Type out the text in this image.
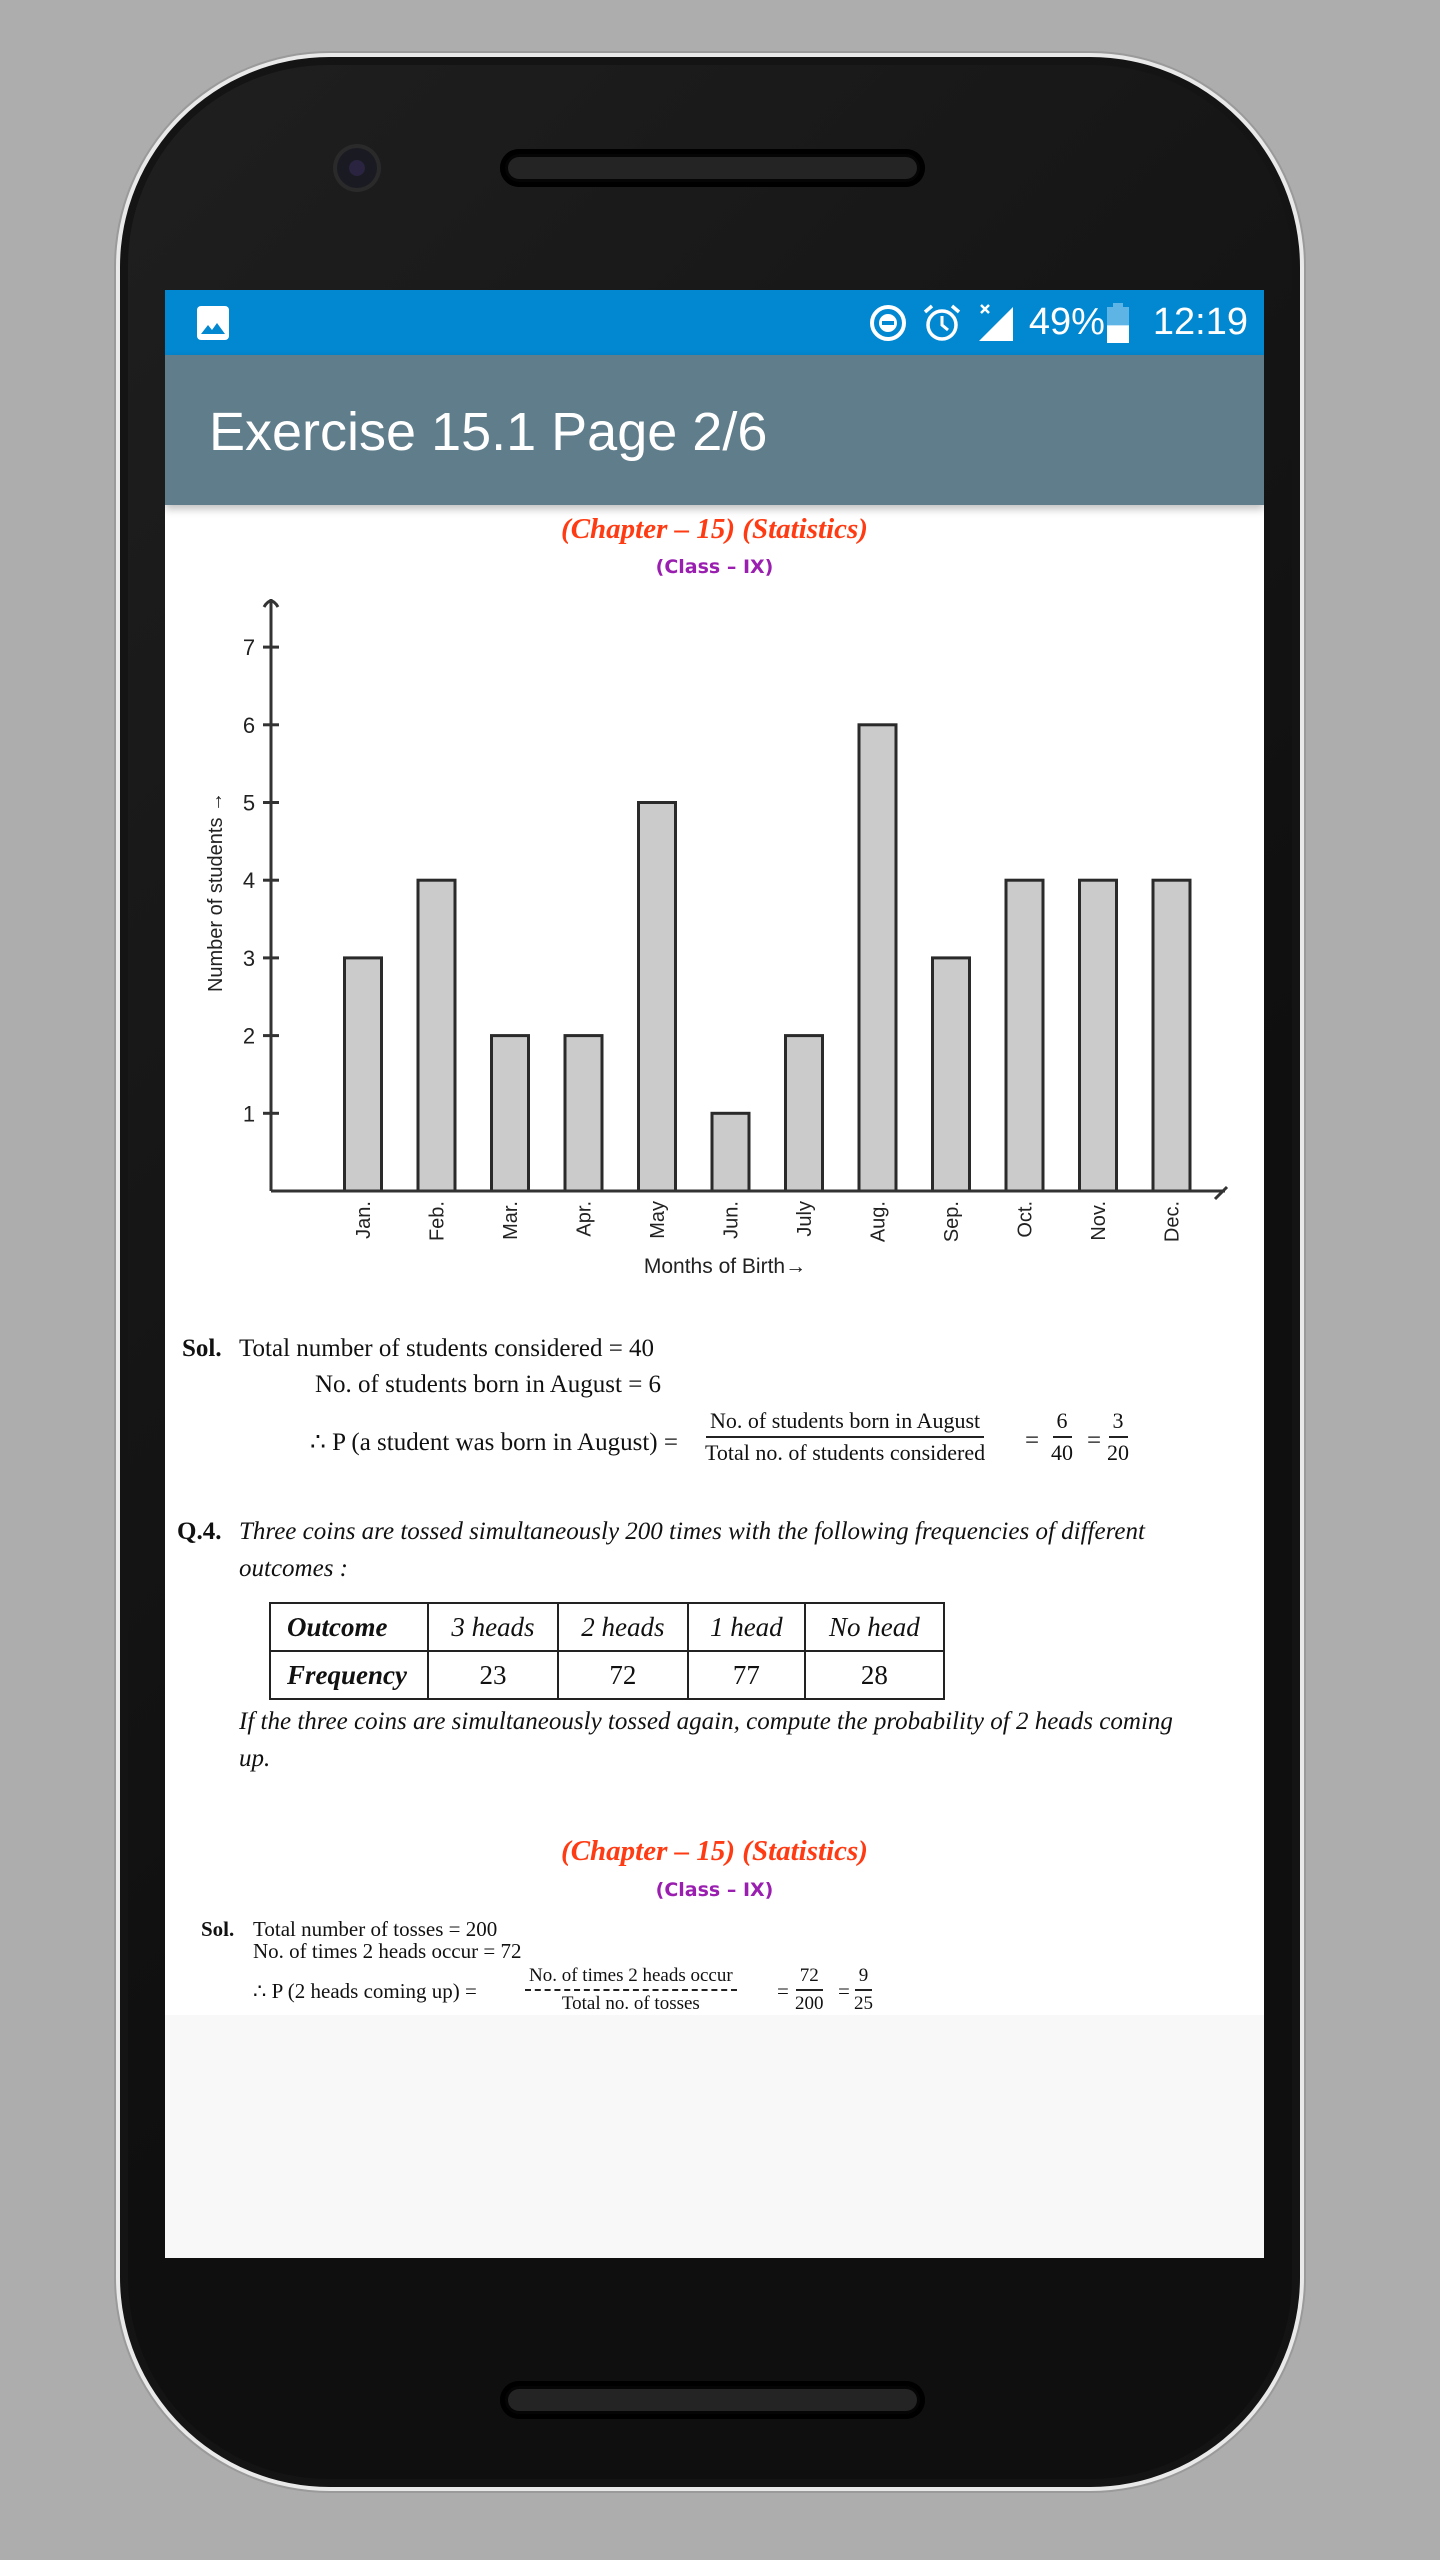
49% 12:19
Exercise 15.1 Page 2/6
(Chapter – 15) (Statistics)
(Class – IX)
1
2
3
4
5
6
7
Jan.	Feb.	Mar.	Apr.	May	Jun.	July	Aug.	Sep.	Oct.	Nov.	Dec.
Number of students →
Months of Birth→
Sol. Total number of students considered = 40
No. of students born in August = 6
∴ P (a student was born in August) =
No. of students born in August
Total no. of students considered = $\frac{6}{40} = \frac{3}{20}$
Q.4. Three coins are tossed simultaneously 200 times with the following frequencies of different
outcomes :
Outcome	3 heads	2 heads	1 head	No head
Frequency	23	72	77	28
If the three coins are simultaneously tossed again, compute the probability of 2 heads coming
up.
(Chapter – 15) (Statistics)
(Class – IX)
Sol. Total number of tosses = 200
No. of times 2 heads occur = 72
∴ P (2 heads coming up) =
No. of times 2 heads occur
Total no. of tosses
= $\frac{72}{200} = \frac{9}{25}$
